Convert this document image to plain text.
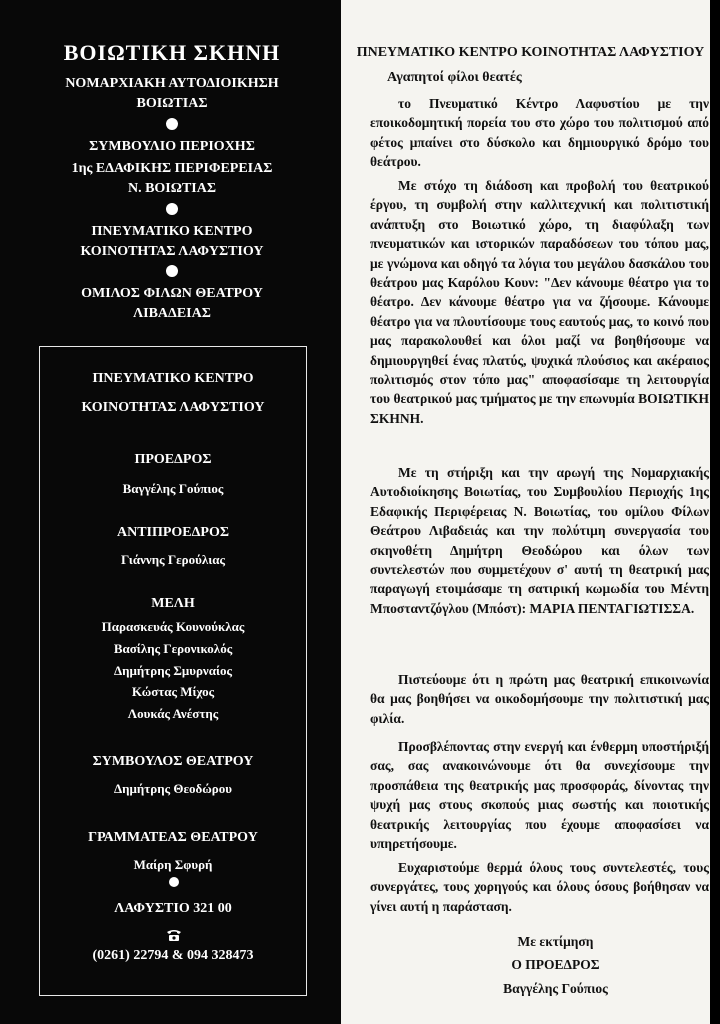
ΒΟΙΩΤΙΚΗ ΣΚΗΝΗ

ΝΟΜΑΡΧΙΑΚΗ ΑΥΤΟΔΙΟΙΚΗΣΗ

ΒΟΙΩΤΙΑΣ

ΣΥΜΒΟΥΛΙΟ ΠΕΡΙΟΧΗΣ

1ης ΕΔΑΦΙΚΗΣ ΠΕΡΙΦΕΡΕΙΑΣ

Ν. ΒΟΙΩΤΙΑΣ

ΠΝΕΥΜΑΤΙΚΟ ΚΕΝΤΡΟ

ΚΟΙΝΟΤΗΤΑΣ ΛΑΦΥΣΤΙΟΥ

ΟΜΙΛΟΣ ΦΙΛΩΝ ΘΕΑΤΡΟΥ

ΛΙΒΑΔΕΙΑΣ

ΠΝΕΥΜΑΤΙΚΟ ΚΕΝΤΡΟ

ΚΟΙΝΟΤΗΤΑΣ ΛΑΦΥΣΤΙΟΥ

ΠΡΟΕΔΡΟΣ

Βαγγέλης Γούπιος

ΑΝΤΙΠΡΟΕΔΡΟΣ

Γιάννης Γερούλιας

ΜΕΛΗ

Παρασκευάς Κουνούκλας

Βασίλης Γερονικολός

Δημήτρης Σμυρναίος

Κώστας Μίχος

Λουκάς Ανέστης

ΣΥΜΒΟΥΛΟΣ ΘΕΑΤΡΟΥ

Δημήτρης Θεοδώρου

ΓΡΑΜΜΑΤΕΑΣ ΘΕΑΤΡΟΥ

Μαίρη Σφυρή

ΛΑΦΥΣΤΙΟ 321 00

(0261) 22794 & 094 328473

ΠΝΕΥΜΑΤΙΚΟ ΚΕΝΤΡΟ ΚΟΙΝΟΤΗΤΑΣ ΛΑΦΥΣΤΙΟΥ

Αγαπητοί φίλοι θεατές

το Πνευματικό Κέντρο Λαφυστίου με την εποικοδομητική πορεία του στο χώρο του πολιτισμού από φέτος μπαίνει στο δύσκολο και δημιουργικό δρόμο του θεάτρου.

Με στόχο τη διάδοση και προβολή του θεατρικού έργου, τη συμβολή στην καλλιτεχνική και πολιτιστική ανάπτυξη στο Βοιωτικό χώρο, τη διαφύλαξη των πνευματικών και ιστορικών παραδόσεων του τόπου μας, με γνώμονα και οδηγό τα λόγια του μεγάλου δασκάλου του θεάτρου μας Καρόλου Κουν: "Δεν κάνουμε θέατρο για το θέατρο. Δεν κάνουμε θέατρο για να ζήσουμε. Κάνουμε θέατρο για να πλουτίσουμε τους εαυτούς μας, το κοινό που μας παρακολουθεί και όλοι μαζί να βοηθήσουμε να δημιουργηθεί ένας πλατύς, ψυχικά πλούσιος και ακέραιος πολιτισμός στον τόπο μας" αποφασίσαμε τη λειτουργία του θεατρικού μας τμήματος με την επωνυμία ΒΟΙΩΤΙΚΗ ΣΚΗΝΗ.

Με τη στήριξη και την αρωγή της Νομαρχιακής Αυτοδιοίκησης Βοιωτίας, του Συμβουλίου Περιοχής 1ης Εδαφικής Περιφέρειας Ν. Βοιωτίας, του ομίλου Φίλων Θεάτρου Λιβαδειάς και την πολύτιμη συνεργασία του σκηνοθέτη Δημήτρη Θεοδώρου και όλων των συντελεστών που συμμετέχουν σ' αυτή τη θεατρική μας παραγωγή ετοιμάσαμε τη σατιρική κωμωδία του Μέντη Μποσταντζόγλου (Μπόστ): ΜΑΡΙΑ ΠΕΝΤΑΓΙΩΤΙΣΣΑ.

Πιστεύουμε ότι η πρώτη μας θεατρική επικοινωνία θα μας βοηθήσει να οικοδομήσουμε την πολιτιστική μας φιλία.

Προσβλέποντας στην ενεργή και ένθερμη υποστήριξή σας, σας ανακοινώνουμε ότι θα συνεχίσουμε την προσπάθεια της θεατρικής μας προσφοράς, δίνοντας την ψυχή μας στους σκοπούς μιας σωστής και ποιοτικής θεατρικής λειτουργίας που έχουμε αποφασίσει να υπηρετήσουμε.

Ευχαριστούμε θερμά όλους τους συντελεστές, τους συνεργάτες, τους χορηγούς και όλους όσους βοήθησαν να γίνει αυτή η παράσταση.

Με εκτίμηση

Ο ΠΡΟΕΔΡΟΣ

Βαγγέλης Γούπιος
